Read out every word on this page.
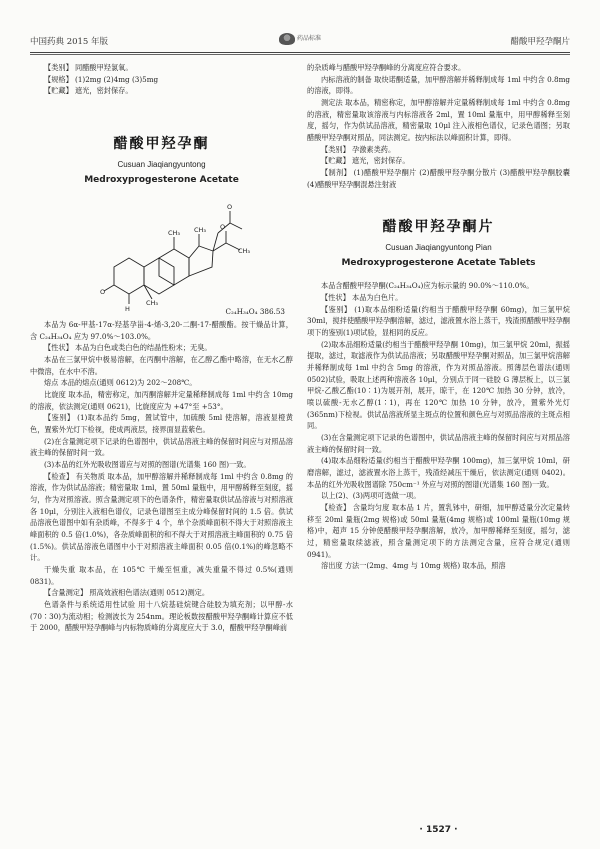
中国药典 2015 年版	药品标准	醋酸甲羟孕酮片

【类别】 同醋酸甲羟氯氧。

【规格】 (1)2mg (2)4mg (3)5mg

【贮藏】 遮光，密封保存。

醋酸甲羟孕酮

Cusuan Jiaqiangyuntong

Medroxyprogesterone Acetate

O
H
CH₃
CH₃ CH₃ O
O
CH₃
C₂₄H₃₄O₄ 386.53

本品为 6α-甲基-17α-羟基孕甾-4-烯-3,20-二酮-17-醋酸酯。按干燥品计算，含 C₂₄H₃₄O₄ 应为 97.0%～103.0%。

【性状】 本品为白色或类白色的结晶性粉末；无臭。

本品在三氯甲烷中极易溶解，在丙酮中溶解，在乙醇乙酯中略溶，在无水乙醇中微溶，在水中不溶。

熔点 本品的熔点(通则 0612)为 202～208℃。

比旋度 取本品，精密称定，加丙酮溶解并定量稀释制成每 1ml 中约含 10mg 的溶液，依法测定(通则 0621)，比旋度应为 +47°至 +53°。

【鉴别】 (1)取本品约 5mg，置试管中，加硫酸 5ml 使溶解，溶液显橙黄色，置紫外光灯下检视，使成两液层，接界面显蓝紫色。

(2)在含量测定项下记录的色谱图中，供试品溶液主峰的保留时间应与对照品溶液主峰的保留时间一致。

(3)本品的红外光吸收图谱应与对照的图谱(光谱集 160 图)一致。

【检查】 有关物质 取本品，加甲醇溶解并稀释制成每 1ml 中约含 0.8mg 的溶液，作为供试品溶液；精密量取 1ml，置 50ml 量瓶中，用甲醇稀释至刻度，摇匀，作为对照溶液。照含量测定项下的色谱条件，精密量取供试品溶液与对照溶液各 10μl，分别注入液相色谱仪，记录色谱图至主成分峰保留时间的 1.5 倍。供试品溶液色谱图中如有杂质峰，不得多于 4 个，单个杂质峰面积不得大于对照溶液主峰面积的 0.5 倍(1.0%)，各杂质峰面积的和不得大于对照溶液主峰面积的 0.75 倍(1.5%)。供试品溶液色谱图中小于对照溶液主峰面积 0.05 倍(0.1%)的峰忽略不计。

干燥失重 取本品，在 105℃ 干燥至恒重，减失重量不得过 0.5%(通则 0831)。

【含量测定】 照高效液相色谱法(通则 0512)测定。

色谱条件与系统适用性试验 用十八烷基硅烷键合硅胶为填充剂；以甲醇-水(70∶30)为流动相；检测波长为 254nm。理论板数按醋酸甲羟孕酮峰计算应不低于 2000，醋酸甲羟孕酮峰与内标物质峰的分离度应大于 3.0，醋酸甲羟孕酮峰前

的杂质峰与醋酸甲羟孕酮峰的分离度应符合要求。

内标溶液的制备 取炔诺酮适量，加甲醇溶解并稀释制成每 1ml 中约含 0.8mg 的溶液，即得。

测定法 取本品，精密称定，加甲醇溶解并定量稀释制成每 1ml 中约含 0.8mg 的溶液，精密量取该溶液与内标溶液各 2ml，置 10ml 量瓶中，用甲醇稀释至刻度，摇匀，作为供试品溶液，精密量取 10μl 注入液相色谱仪，记录色谱图；另取醋酸甲羟孕酮对照品，同法测定。按内标法以峰面积计算，即得。

【类别】 孕激素类药。

【贮藏】 遮光，密封保存。

【制剂】 (1)醋酸甲羟孕酮片 (2)醋酸甲羟孕酮分散片 (3)醋酸甲羟孕酮胶囊 (4)醋酸甲羟孕酮混悬注射液

醋酸甲羟孕酮片

Cusuan Jiaqiangyuntong Pian

Medroxyprogesterone Acetate Tablets

本品含醋酸甲羟孕酮(C₂₄H₃₄O₄)应为标示量的 90.0%～110.0%。

【性状】 本品为白色片。

【鉴别】 (1)取本品细粉适量(约相当于醋酸甲羟孕酮 60mg)，加三氯甲烷 30ml，搅拌使醋酸甲羟孕酮溶解，滤过，滤液置水浴上蒸干，残渣照醋酸甲羟孕酮项下的鉴别(1)项试验，显相同的反应。

(2)取本品细粉适量(约相当于醋酸甲羟孕酮 10mg)，加三氯甲烷 20ml，振摇提取，滤过，取滤液作为供试品溶液；另取醋酸甲羟孕酮对照品，加三氯甲烷溶解并稀释制成每 1ml 中约含 5mg 的溶液，作为对照品溶液。照薄层色谱法(通则 0502)试验，吸取上述两种溶液各 10μl，分别点于同一硅胶 G 薄层板上，以三氯甲烷-乙酸乙酯(10∶1)为展开剂，展开，晾干，在 120℃ 加热 30 分钟，放冷，喷以硫酸-无水乙醇(1∶1)，再在 120℃ 加热 10 分钟，放冷，置紫外光灯(365nm)下检视。供试品溶液所显主斑点的位置和颜色应与对照品溶液的主斑点相同。

(3)在含量测定项下记录的色谱图中，供试品溶液主峰的保留时间应与对照品溶液主峰的保留时间一致。

(4)取本品细粉适量(约相当于醋酸甲羟孕酮 100mg)，加三氯甲烷 10ml，研磨溶解，滤过，滤液置水浴上蒸干，残渣经减压干燥后，依法测定(通则 0402)。本品的红外光吸收图谱除 750cm⁻¹ 外应与对照的图谱(光谱集 160 图)一致。

以上(2)、(3)两项可选做一项。

【检查】 含量均匀度 取本品 1 片，置乳钵中，研细，加甲醇适量分次定量转移至 20ml 量瓶(2mg 规格)或 50ml 量瓶(4mg 规格)或 100ml 量瓶(10mg 规格)中，超声 15 分钟使醋酸甲羟孕酮溶解，放冷，加甲醇稀释至刻度，摇匀，滤过，精密量取续滤液，照含量测定项下的方法测定含量，应符合规定(通则 0941)。

溶出度 方法一(2mg、4mg 与 10mg 规格) 取本品，照溶

· 1527 ·
